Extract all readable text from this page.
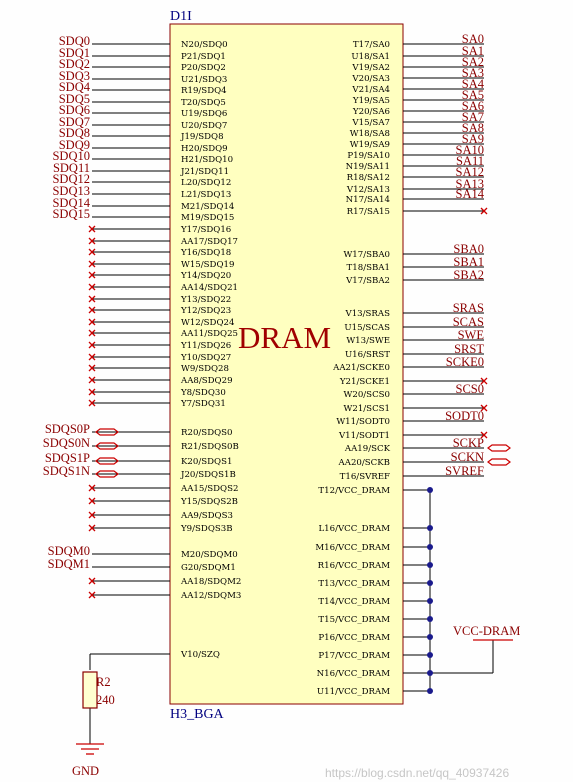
N20/SDQ0
SDQ0
P21/SDQ1
SDQ1
P20/SDQ2
SDQ2
U21/SDQ3
SDQ3
R19/SDQ4
SDQ4
T20/SDQ5
SDQ5
U19/SDQ6
SDQ6
U20/SDQ7
SDQ7
J19/SDQ8
SDQ8
H20/SDQ9
SDQ9
H21/SDQ10
SDQ10
J21/SDQ11
SDQ11
L20/SDQ12
SDQ12
L21/SDQ13
SDQ13
M21/SDQ14
SDQ14
M19/SDQ15
SDQ15
Y17/SDQ16
AA17/SDQ17
Y16/SDQ18
W15/SDQ19
Y14/SDQ20
AA14/SDQ21
Y13/SDQ22
Y12/SDQ23
W12/SDQ24
AA11/SDQ25
Y11/SDQ26
Y10/SDQ27
W9/SDQ28
AA8/SDQ29
Y8/SDQ30
Y7/SDQ31
R20/SDQS0
SDQS0P
R21/SDQS0B
SDQS0N
K20/SDQS1
SDQS1P
J20/SDQS1B
SDQS1N
AA15/SDQS2
Y15/SDQS2B
AA9/SDQS3
Y9/SDQS3B
M20/SDQM0
SDQM0
G20/SDQM1
SDQM1
AA18/SDQM2
AA12/SDQM3
V10/SZQ
T17/SA0	SA0
U18/SA1	SA1
V19/SA2	SA2
V20/SA3	SA3
V21/SA4	SA4
Y19/SA5	SA5
Y20/SA6	SA6
V15/SA7	SA7
W18/SA8	SA8
W19/SA9	SA9
P19/SA10	SA10
N19/SA11	SA11
R18/SA12	SA12
V12/SA13	SA13
N17/SA14	SA14
R17/SA15
W17/SBA0	SBA0
T18/SBA1	SBA1
V17/SBA2	SBA2
V13/SRAS	SRAS
U15/SCAS	SCAS
W13/SWE	SWE
U16/SRST	SRST
AA21/SCKE0	SCKE0
Y21/SCKE1
W20/SCS0	SCS0
W21/SCS1
W11/SODT0	SODT0
V11/SODT1
AA19/SCK	SCKP
AA20/SCKB	SCKN
T16/SVREF	SVREF
T12/VCC_DRAM
L16/VCC_DRAM
M16/VCC_DRAM
R16/VCC_DRAM
T13/VCC_DRAM
T14/VCC_DRAM
T15/VCC_DRAM
P16/VCC_DRAM
P17/VCC_DRAM
N16/VCC_DRAM
U11/VCC_DRAM
D1I
DRAM
H3_BGA
VCC-DRAM
R2
240
GND	https://blog.csdn.net/qq_40937426
